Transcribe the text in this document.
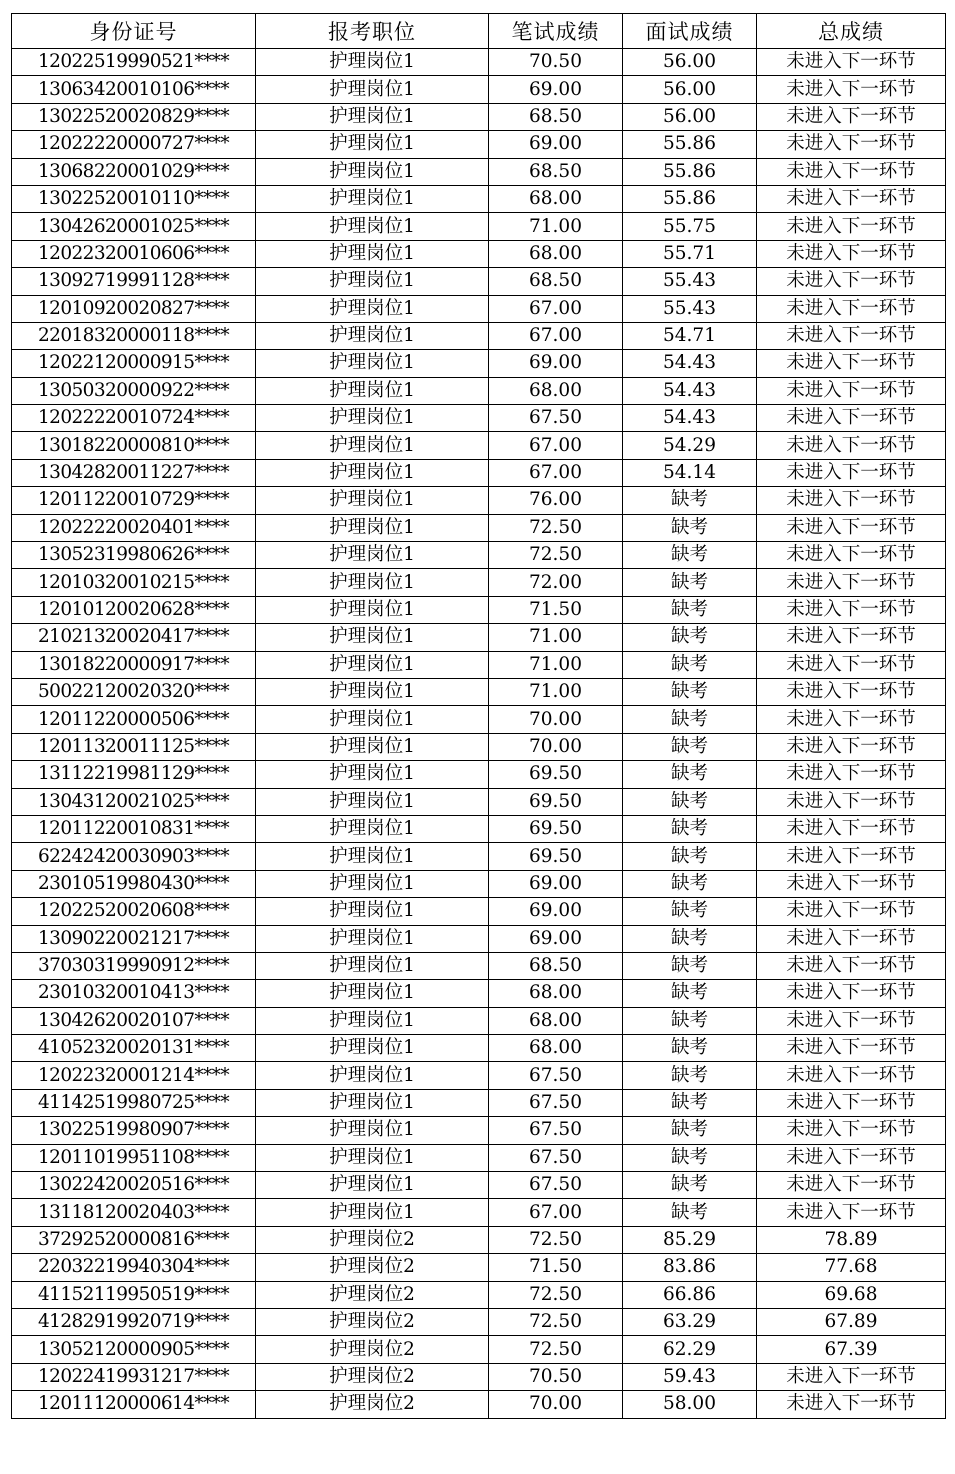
身份证号	报考职位	笔试成绩	面试成绩	总成绩
12022519990521****	护理岗位1	70.50	56.00	未进入下一环节
13063420010106****	护理岗位1	69.00	56.00	未进入下一环节
13022520020829****	护理岗位1	68.50	56.00	未进入下一环节
12022220000727****	护理岗位1	69.00	55.86	未进入下一环节
13068220001029****	护理岗位1	68.50	55.86	未进入下一环节
13022520010110****	护理岗位1	68.00	55.86	未进入下一环节
13042620001025****	护理岗位1	71.00	55.75	未进入下一环节
12022320010606****	护理岗位1	68.00	55.71	未进入下一环节
13092719991128****	护理岗位1	68.50	55.43	未进入下一环节
12010920020827****	护理岗位1	67.00	55.43	未进入下一环节
22018320000118****	护理岗位1	67.00	54.71	未进入下一环节
12022120000915****	护理岗位1	69.00	54.43	未进入下一环节
13050320000922****	护理岗位1	68.00	54.43	未进入下一环节
12022220010724****	护理岗位1	67.50	54.43	未进入下一环节
13018220000810****	护理岗位1	67.00	54.29	未进入下一环节
13042820011227****	护理岗位1	67.00	54.14	未进入下一环节
12011220010729****	护理岗位1	76.00	缺考	未进入下一环节
12022220020401****	护理岗位1	72.50	缺考	未进入下一环节
13052319980626****	护理岗位1	72.50	缺考	未进入下一环节
12010320010215****	护理岗位1	72.00	缺考	未进入下一环节
12010120020628****	护理岗位1	71.50	缺考	未进入下一环节
21021320020417****	护理岗位1	71.00	缺考	未进入下一环节
13018220000917****	护理岗位1	71.00	缺考	未进入下一环节
50022120020320****	护理岗位1	71.00	缺考	未进入下一环节
12011220000506****	护理岗位1	70.00	缺考	未进入下一环节
12011320011125****	护理岗位1	70.00	缺考	未进入下一环节
13112219981129****	护理岗位1	69.50	缺考	未进入下一环节
13043120021025****	护理岗位1	69.50	缺考	未进入下一环节
12011220010831****	护理岗位1	69.50	缺考	未进入下一环节
62242420030903****	护理岗位1	69.50	缺考	未进入下一环节
23010519980430****	护理岗位1	69.00	缺考	未进入下一环节
12022520020608****	护理岗位1	69.00	缺考	未进入下一环节
13090220021217****	护理岗位1	69.00	缺考	未进入下一环节
37030319990912****	护理岗位1	68.50	缺考	未进入下一环节
23010320010413****	护理岗位1	68.00	缺考	未进入下一环节
13042620020107****	护理岗位1	68.00	缺考	未进入下一环节
41052320020131****	护理岗位1	68.00	缺考	未进入下一环节
12022320001214****	护理岗位1	67.50	缺考	未进入下一环节
41142519980725****	护理岗位1	67.50	缺考	未进入下一环节
13022519980907****	护理岗位1	67.50	缺考	未进入下一环节
12011019951108****	护理岗位1	67.50	缺考	未进入下一环节
13022420020516****	护理岗位1	67.50	缺考	未进入下一环节
13118120020403****	护理岗位1	67.00	缺考	未进入下一环节
37292520000816****	护理岗位2	72.50	85.29	78.89
22032219940304****	护理岗位2	71.50	83.86	77.68
41152119950519****	护理岗位2	72.50	66.86	69.68
41282919920719****	护理岗位2	72.50	63.29	67.89
13052120000905****	护理岗位2	72.50	62.29	67.39
12022419931217****	护理岗位2	70.50	59.43	未进入下一环节
12011120000614****	护理岗位2	70.00	58.00	未进入下一环节
